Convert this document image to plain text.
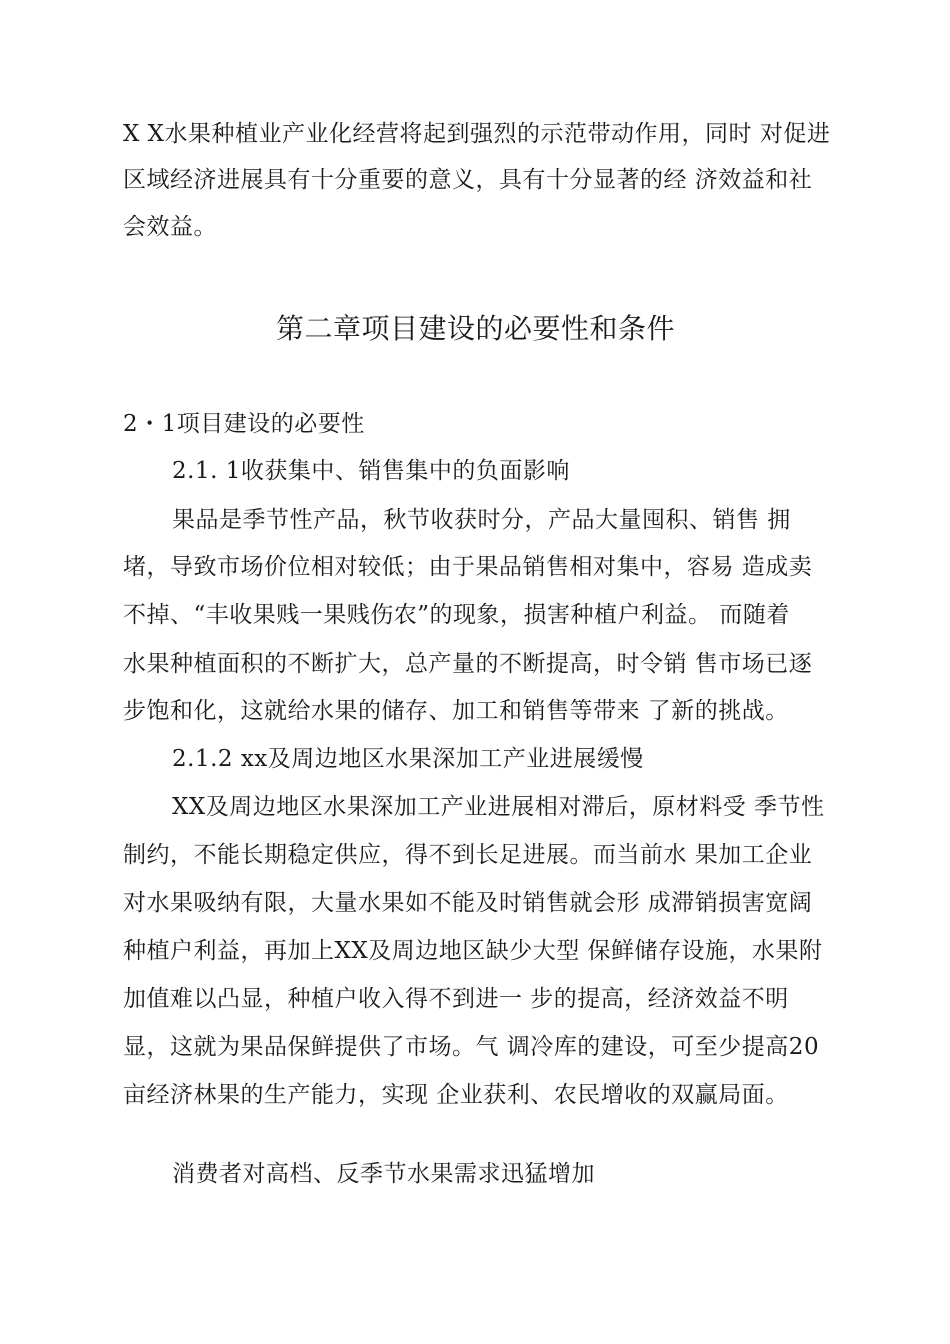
X X水果种植业产业化经营将起到强烈的示范带动作用，同时 对促进
区域经济进展具有十分重要的意义，具有十分显著的经 济效益和社
会效益。
第二章项目建设的必要性和条件
2・1项目建设的必要性
2.1. 1收获集中、销售集中的负面影响
果品是季节性产品，秋节收获时分，产品大量囤积、销售 拥
堵，导致市场价位相对较低；由于果品销售相对集中，容易 造成卖
不掉、“丰收果贱一果贱伤农”的现象，损害种植户利益。 而随着
水果种植面积的不断扩大，总产量的不断提高，时令销 售市场已逐
步饱和化，这就给水果的储存、加工和销售等带来 了新的挑战。
2.1.2 xx及周边地区水果深加工产业进展缓慢
XX及周边地区水果深加工产业进展相对滞后，原材料受 季节性
制约，不能长期稳定供应，得不到长足进展。而当前水 果加工企业
对水果吸纳有限，大量水果如不能及时销售就会形 成滞销损害宽阔
种植户利益，再加上XX及周边地区缺少大型 保鲜储存设施，水果附
加值难以凸显，种植户收入得不到进一 步的提高，经济效益不明
显，这就为果品保鲜提供了市场。气 调冷库的建设，可至少提高20
亩经济林果的生产能力，实现 企业获利、农民增收的双赢局面。
消费者对高档、反季节水果需求迅猛增加
